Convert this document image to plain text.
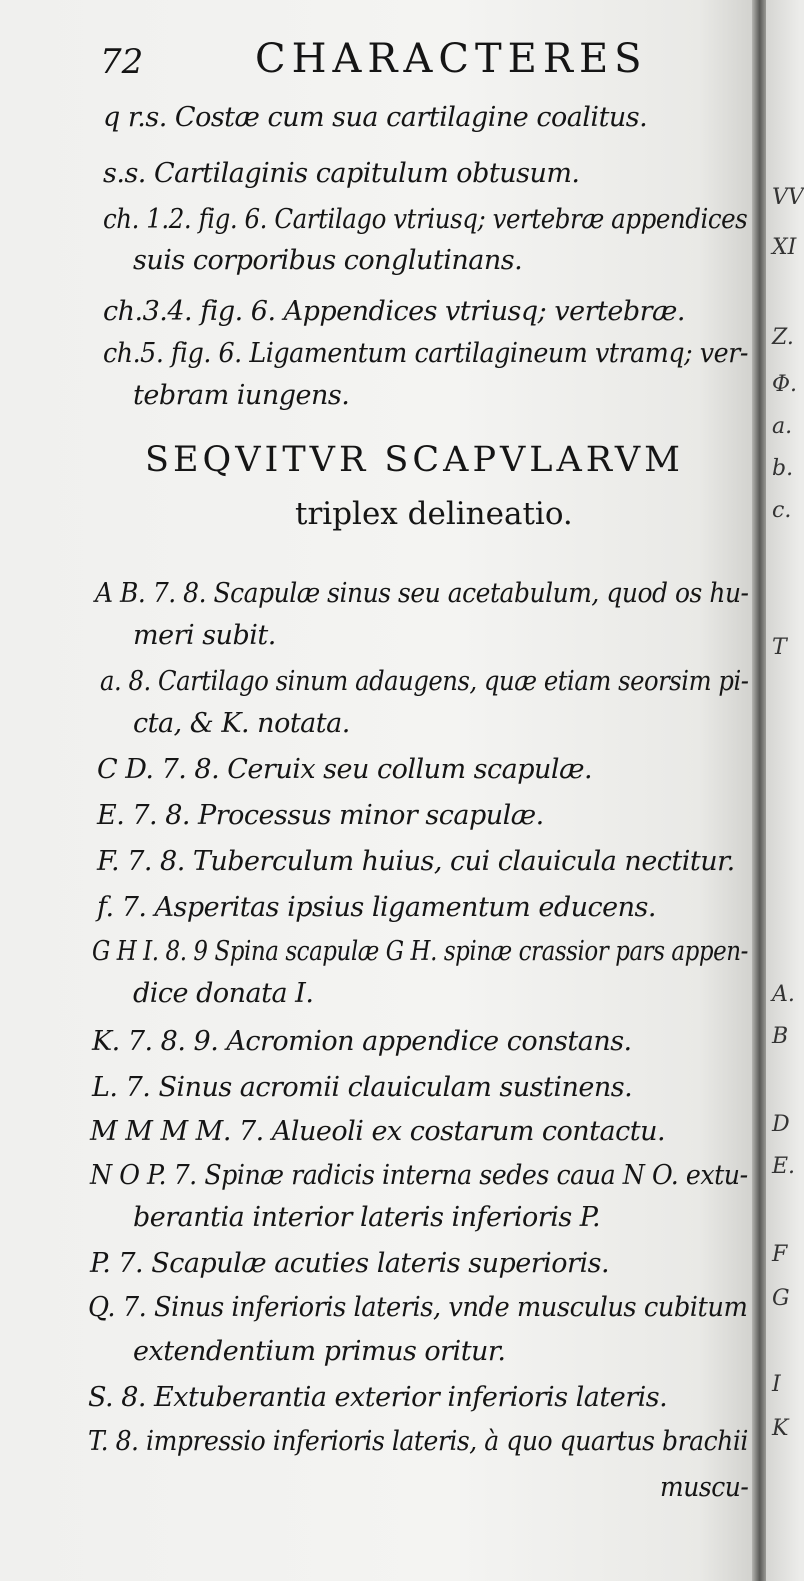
72	CHARACTERES
q r.s. Costæ cum sua cartilagine coalitus.
s.s. Cartilaginis capitulum obtusum.
ch. 1.2. fig. 6. Cartilago vtriusq; vertebræ appendices
suis corporibus conglutinans.
ch.3.4. fig. 6. Appendices vtriusq; vertebræ.
ch.5. fig. 6. Ligamentum cartilagineum vtramq; ver-
tebram iungens.
SEQVITVR SCAPVLARVM
triplex delineatio.
A B. 7. 8. Scapulæ sinus seu acetabulum, quod os hu-
meri subit.
a. 8. Cartilago sinum adaugens, quæ etiam seorsim pi-
cta, & K. notata.
C D. 7. 8. Ceruix seu collum scapulæ.
E. 7. 8. Processus minor scapulæ.
F. 7. 8. Tuberculum huius, cui clauicula nectitur.
f. 7. Asperitas ipsius ligamentum educens.
G H I. 8. 9 Spina scapulæ G H. spinæ crassior pars appen-
dice donata I.
K. 7. 8. 9. Acromion appendice constans.
L. 7. Sinus acromii clauiculam sustinens.
M M M M. 7. Alueoli ex costarum contactu.
N O P. 7. Spinæ radicis interna sedes caua N O. extu-
berantia interior lateris inferioris P.
P. 7. Scapulæ acuties lateris superioris.
Q. 7. Sinus inferioris lateris, vnde musculus cubitum
extendentium primus oritur.
S. 8. Extuberantia exterior inferioris lateris.
T. 8. impressio inferioris lateris, à quo quartus brachii
muscu-
VV
XI
Z.
Φ.
a.
b.
c.
T
A.
B
D
E.
F
G
I
K
